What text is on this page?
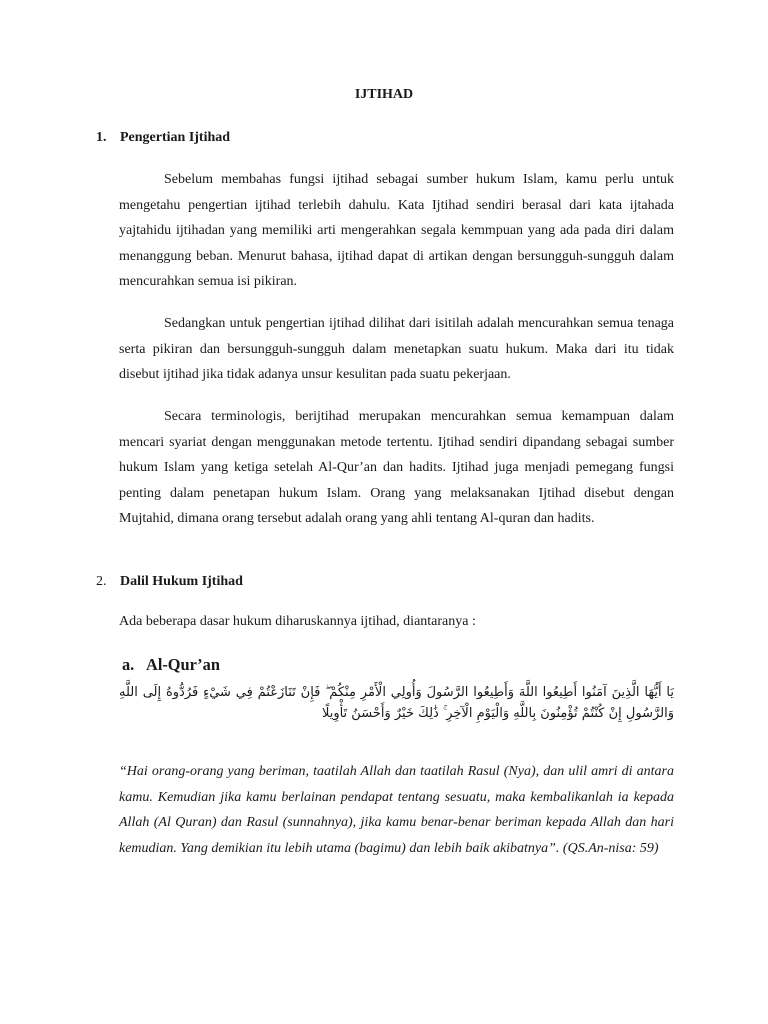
IJTIHAD
1. Pengertian Ijtihad

Sebelum membahas fungsi ijtihad sebagai sumber hukum Islam, kamu perlu untuk mengetahu pengertian ijtihad terlebih dahulu. Kata Ijtihad sendiri berasal dari kata ijtahada yajtahidu ijtihadan yang memiliki arti mengerahkan segala kemmpuan yang ada pada diri dalam menanggung beban. Menurut bahasa, ijtihad dapat di artikan dengan bersungguh-sungguh dalam mencurahkan semua isi pikiran.

Sedangkan untuk pengertian ijtihad dilihat dari isitilah adalah mencurahkan semua tenaga serta pikiran dan bersungguh-sungguh dalam menetapkan suatu hukum. Maka dari itu tidak disebut ijtihad jika tidak adanya unsur kesulitan pada suatu pekerjaan.

Secara terminologis, berijtihad merupakan mencurahkan semua kemampuan dalam mencari syariat dengan menggunakan metode tertentu. Ijtihad sendiri dipandang sebagai sumber hukum Islam yang ketiga setelah Al-Qur’an dan hadits. Ijtihad juga menjadi pemegang fungsi penting dalam penetapan hukum Islam. Orang yang melaksanakan Ijtihad disebut dengan Mujtahid, dimana orang tersebut adalah orang yang ahli tentang Al-quran dan hadits.

2. Dalil Hukum Ijtihad

Ada beberapa dasar hukum diharuskannya ijtihad, diantaranya :

a. Al-Qur’an

يَا أَيُّهَا الَّذِينَ آمَنُوا أَطِيعُوا اللَّهَ وَأَطِيعُوا الرَّسُولَ وَأُولِي الْأَمْرِ مِنْكُمْ ۖ فَإِنْ تَنَازَعْتُمْ فِي شَيْءٍ فَرُدُّوهُ إِلَى اللَّهِ وَالرَّسُولِ إِنْ كُنْتُمْ تُؤْمِنُونَ بِاللَّهِ وَالْيَوْمِ الْآخِرِ ۚ ذَٰلِكَ خَيْرٌ وَأَحْسَنُ تَأْوِيلًا

“Hai orang-orang yang beriman, taatilah Allah dan taatilah Rasul (Nya), dan ulil amri di antara kamu. Kemudian jika kamu berlainan pendapat tentang sesuatu, maka kembalikanlah ia kepada Allah (Al Quran) dan Rasul (sunnahnya), jika kamu benar-benar beriman kepada Allah dan hari kemudian. Yang demikian itu lebih utama (bagimu) dan lebih baik akibatnya”. (QS.An-nisa: 59)
